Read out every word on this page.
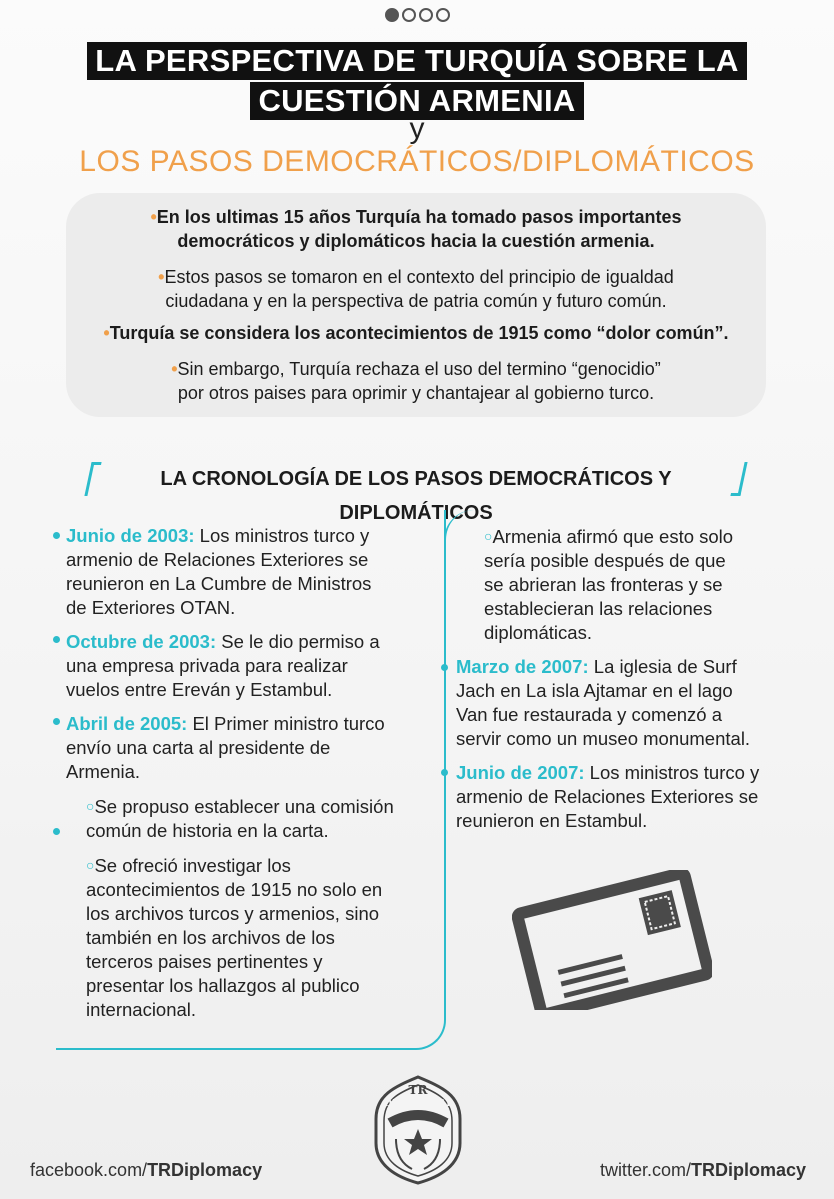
LA PERSPECTIVA DE TURQUÍA SOBRE LA
CUESTIÓN ARMENIA
y
LOS PASOS DEMOCRÁTICOS/DIPLOMÁTICOS

•En los ultimas 15 años Turquía ha tomado pasos importantes democráticos y diplomáticos hacia la cuestión armenia.

•Estos pasos se tomaron en el contexto del principio de igualdad ciudadana y en la perspectiva de patria común y futuro común.

•Turquía se considera los acontecimientos de 1915 como “dolor común”.

•Sin embargo, Turquía rechaza el uso del termino “genocidio” por otros paises para oprimir y chantajear al gobierno turco.

LA CRONOLOGÍA DE LOS PASOS DEMOCRÁTICOS Y DIPLOMÁTICOS

Junio de 2003: Los ministros turco y armenio de Relaciones Exteriores se reunieron en La Cumbre de Ministros de Exteriores OTAN.

Octubre de 2003: Se le dio permiso a una empresa privada para realizar vuelos entre Ereván y Estambul.

Abril de 2005: El Primer ministro turco envío una carta al presidente de Armenia.

○Se propuso establecer una comisión común de historia en la carta.

○Se ofreció investigar los acontecimientos de 1915 no solo en los archivos turcos y armenios, sino también en los archivos de los terceros paises pertinentes y presentar los hallazgos al publico internacional.

○Armenia afirmó que esto solo sería posible después de que se abrieran las fronteras y se establecieran las relaciones diplomáticas.

Marzo de 2007: La iglesia de Surf Jach en La isla Ajtamar en el lago Van fue restaurada y comenzó a servir como un museo monumental.

Junio de 2007: Los ministros turco y armenio de Relaciones Exteriores se reunieron en Estambul.

TR
DIPLOMACY
facebook.com/TRDiplomacy	twitter.com/TRDiplomacy
